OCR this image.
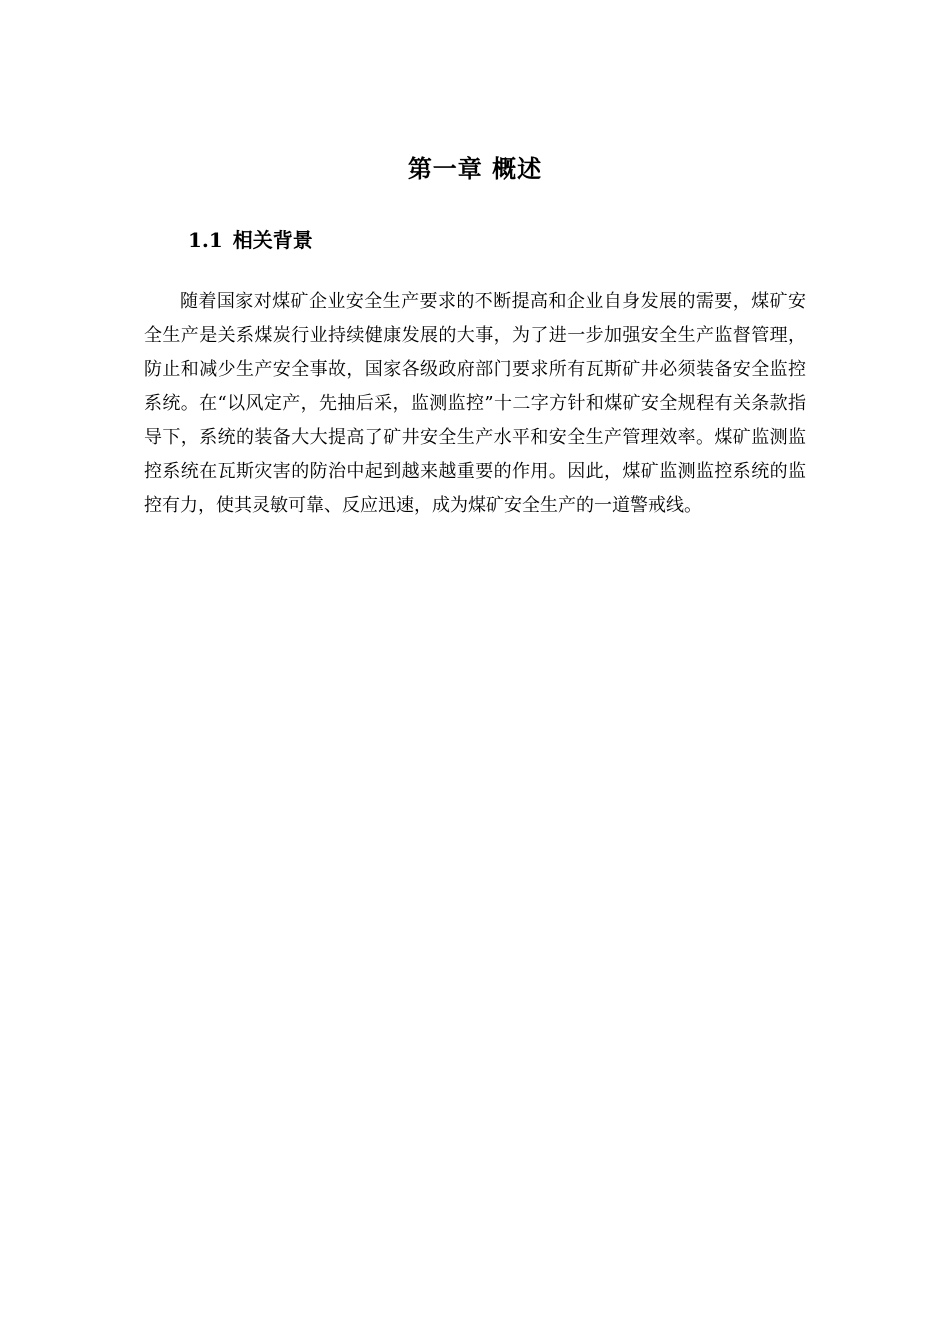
第一章 概述
1.1 相关背景

随着国家对煤矿企业安全生产要求的不断提高和企业自身发展的需要，煤矿安全生产是关系煤炭行业持续健康发展的大事，为了进一步加强安全生产监督管理，防止和减少生产安全事故，国家各级政府部门要求所有瓦斯矿井必须装备安全监控系统。在“以风定产，先抽后采，监测监控”十二字方针和煤矿安全规程有关条款指导下，系统的装备大大提高了矿井安全生产水平和安全生产管理效率。煤矿监测监控系统在瓦斯灾害的防治中起到越来越重要的作用。因此，煤矿监测监控系统的监控有力，使其灵敏可靠、反应迅速，成为煤矿安全生产的一道警戒线。
